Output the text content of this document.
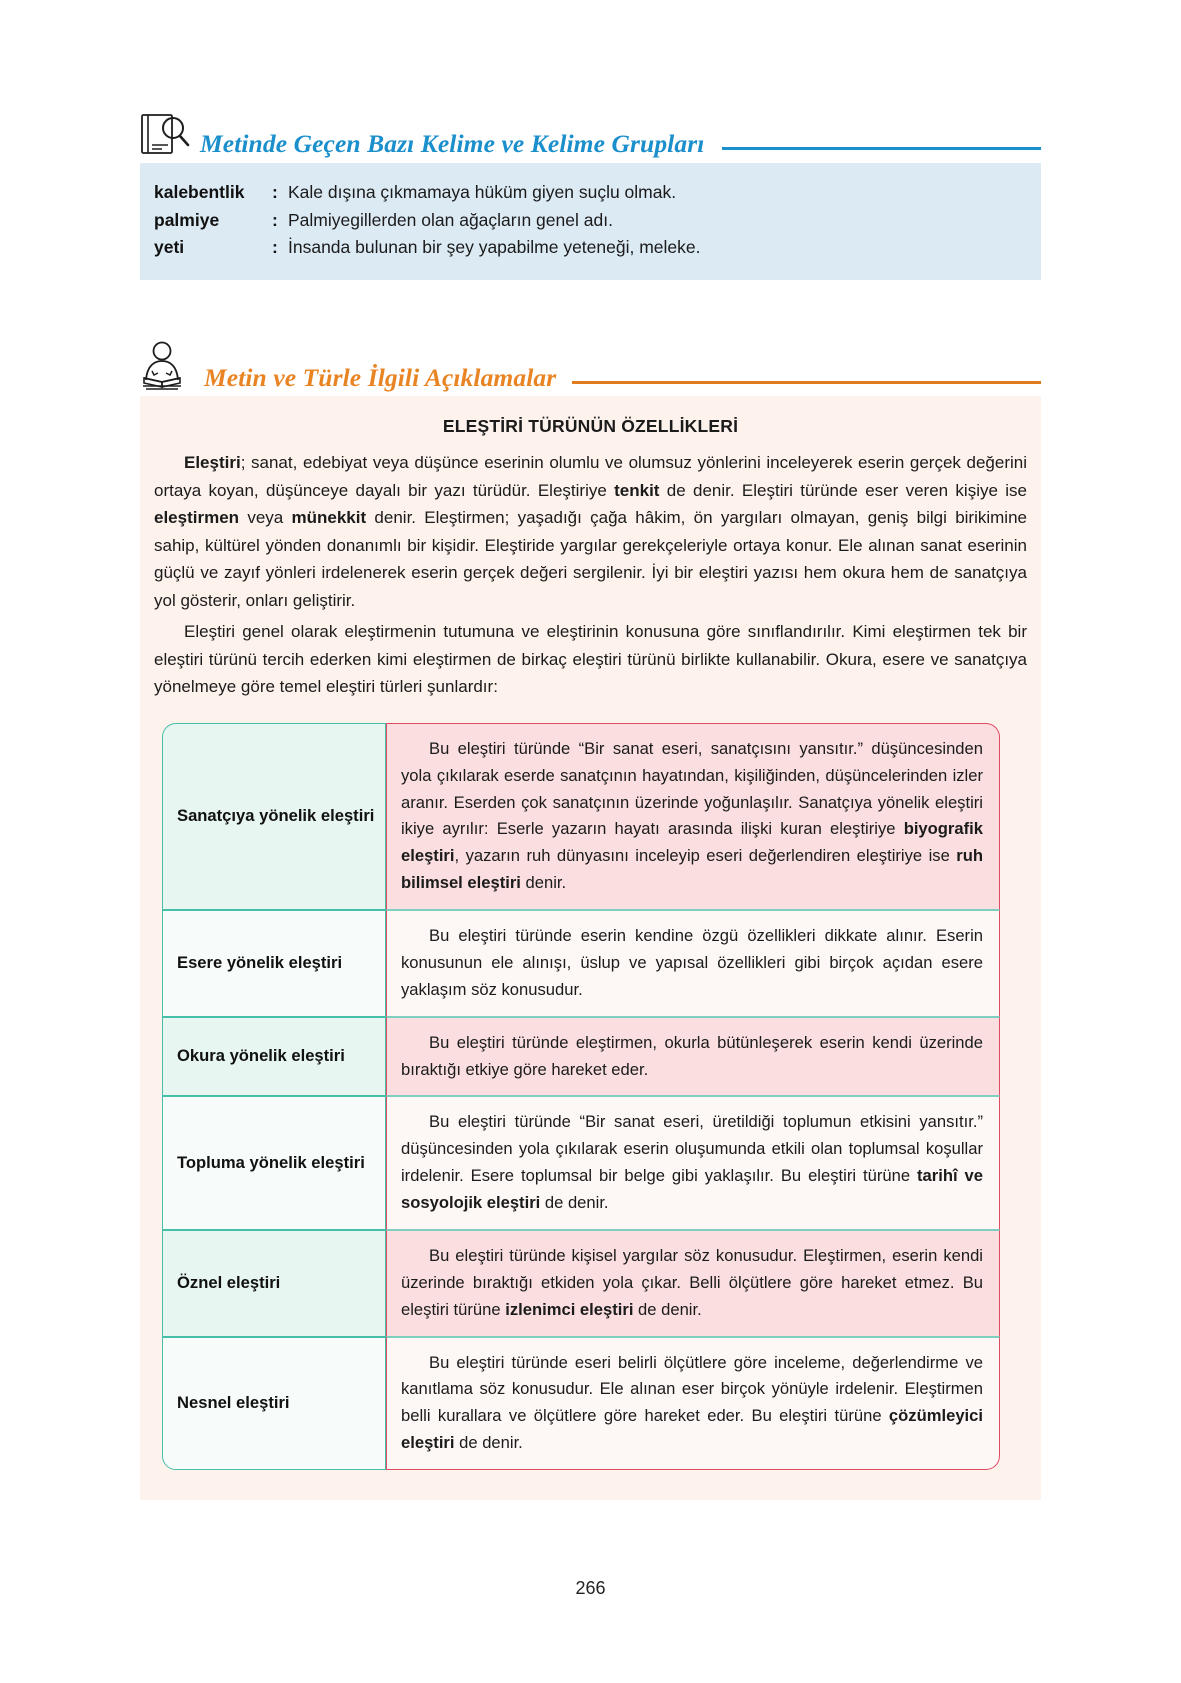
Metinde Geçen Bazı Kelime ve Kelime Grupları
kalebentlik	: Kale dışına çıkmamaya hüküm giyen suçlu olmak.
palmiye	: Palmiyegillerden olan ağaçların genel adı.
yeti	: İnsanda bulunan bir şey yapabilme yeteneği, meleke.
Metin ve Türle İlgili Açıklamalar
ELEŞTİRİ TÜRÜNÜN ÖZELLİKLERİ

Eleştiri; sanat, edebiyat veya düşünce eserinin olumlu ve olumsuz yönlerini inceleyerek eserin gerçek değerini ortaya koyan, düşünceye dayalı bir yazı türüdür. Eleştiriye tenkit de denir. Eleştiri türünde eser veren kişiye ise eleştirmen veya münekkit denir. Eleştirmen; yaşadığı çağa hâkim, ön yargıları olmayan, geniş bilgi birikimine sahip, kültürel yönden donanımlı bir kişidir. Eleştiride yargılar gerekçeleriyle ortaya konur. Ele alınan sanat eserinin güçlü ve zayıf yönleri irdelenerek eserin gerçek değeri sergilenir. İyi bir eleştiri yazısı hem okura hem de sanatçıya yol gösterir, onları geliştirir.

Eleştiri genel olarak eleştirmenin tutumuna ve eleştirinin konusuna göre sınıflandırılır. Kimi eleştirmen tek bir eleştiri türünü tercih ederken kimi eleştirmen de birkaç eleştiri türünü birlikte kullanabilir. Okura, esere ve sanatçıya yönelmeye göre temel eleştiri türleri şunlardır:

Sanatçıya yönelik eleştiri	Bu eleştiri türünde “Bir sanat eseri, sanatçısını yansıtır.” düşüncesinden yola çıkılarak eserde sanatçının hayatından, kişiliğinden, düşüncelerinden izler aranır. Eserden çok sanatçının üzerinde yoğunlaşılır. Sanatçıya yönelik eleştiri ikiye ayrılır: Eserle yazarın hayatı arasında ilişki kuran eleştiriye biyografik eleştiri, yazarın ruh dünyasını inceleyip eseri değerlendiren eleştiriye ise ruh bilimsel eleştiri denir.
Esere yönelik eleştiri	Bu eleştiri türünde eserin kendine özgü özellikleri dikkate alınır. Eserin konusunun ele alınışı, üslup ve yapısal özellikleri gibi birçok açıdan esere yaklaşım söz konusudur.
Okura yönelik eleştiri	Bu eleştiri türünde eleştirmen, okurla bütünleşerek eserin kendi üzerinde bıraktığı etkiye göre hareket eder.
Topluma yönelik eleştiri	Bu eleştiri türünde “Bir sanat eseri, üretildiği toplumun etkisini yansıtır.” düşüncesinden yola çıkılarak eserin oluşumunda etkili olan toplumsal koşullar irdelenir. Esere toplumsal bir belge gibi yaklaşılır. Bu eleştiri türüne tarihî ve sosyolojik eleştiri de denir.
Öznel eleştiri	Bu eleştiri türünde kişisel yargılar söz konusudur. Eleştirmen, eserin kendi üzerinde bıraktığı etkiden yola çıkar. Belli ölçütlere göre hareket etmez. Bu eleştiri türüne izlenimci eleştiri de denir.
Nesnel eleştiri	Bu eleştiri türünde eseri belirli ölçütlere göre inceleme, değerlendirme ve kanıtlama söz konusudur. Ele alınan eser birçok yönüyle irdelenir. Eleştirmen belli kurallara ve ölçütlere göre hareket eder. Bu eleştiri türüne çözümleyici eleştiri de denir.
266
